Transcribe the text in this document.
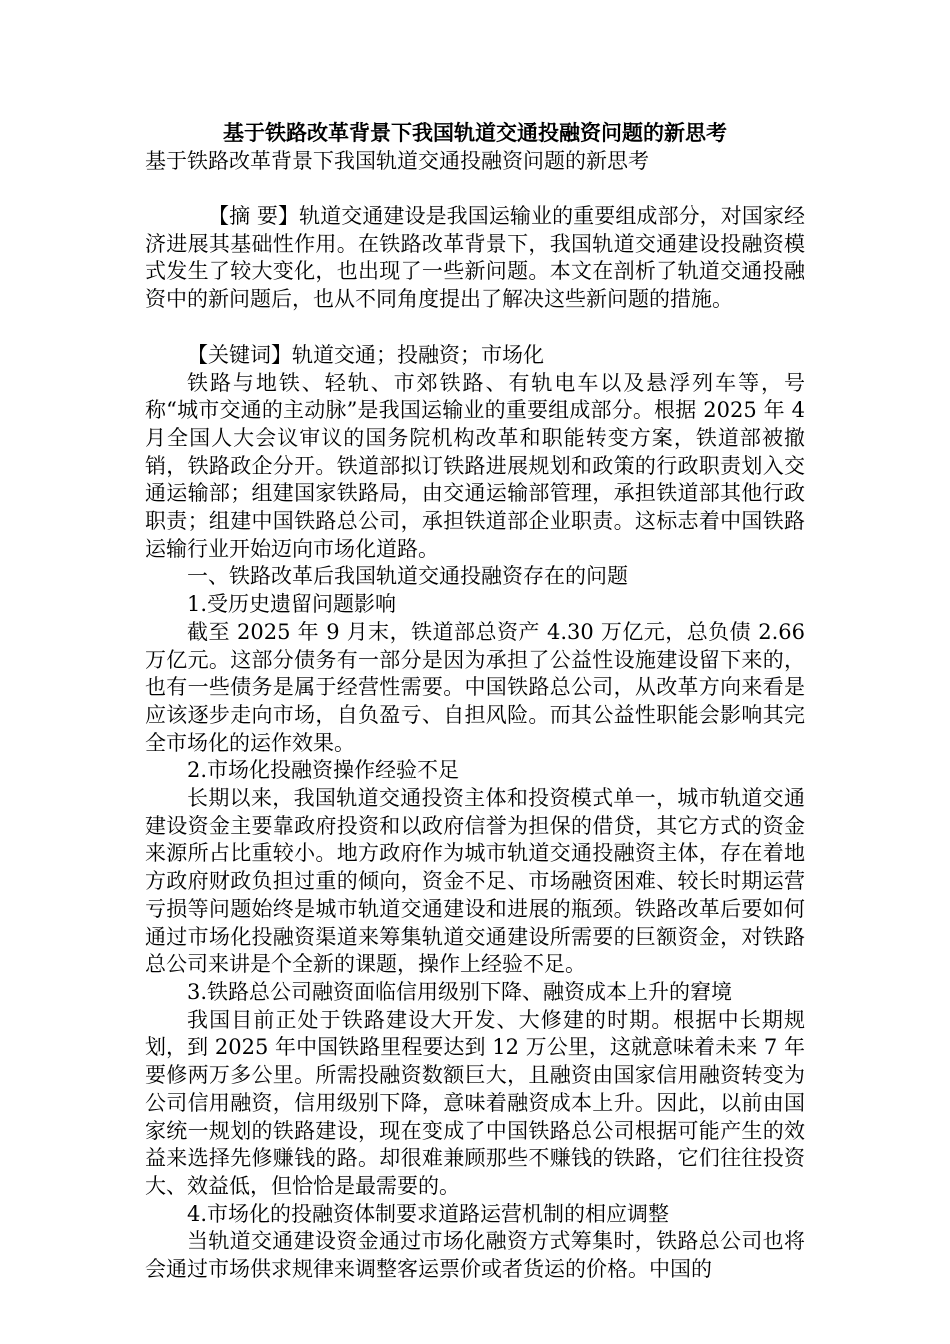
基于铁路改革背景下我国轨道交通投融资问题的新思考

基于铁路改革背景下我国轨道交通投融资问题的新思考

【摘 要】轨道交通建设是我国运输业的重要组成部分，对国家经济进展其基础性作用。在铁路改革背景下，我国轨道交通建设投融资模式发生了较大变化，也出现了一些新问题。本文在剖析了轨道交通投融资中的新问题后，也从不同角度提出了解决这些新问题的措施。

【关键词】轨道交通；投融资；市场化

铁路与地铁、轻轨、市郊铁路、有轨电车以及悬浮列车等，号称“城市交通的主动脉”是我国运输业的重要组成部分。根据 2025 年 4 月全国人大会议审议的国务院机构改革和职能转变方案，铁道部被撤销，铁路政企分开。铁道部拟订铁路进展规划和政策的行政职责划入交通运输部；组建国家铁路局，由交通运输部管理，承担铁道部其他行政职责；组建中国铁路总公司，承担铁道部企业职责。这标志着中国铁路运输行业开始迈向市场化道路。

一、铁路改革后我国轨道交通投融资存在的问题

1.受历史遗留问题影响

截至 2025 年 9 月末，铁道部总资产 4.30 万亿元，总负债 2.66 万亿元。这部分债务有一部分是因为承担了公益性设施建设留下来的，也有一些债务是属于经营性需要。中国铁路总公司，从改革方向来看是应该逐步走向市场，自负盈亏、自担风险。而其公益性职能会影响其完全市场化的运作效果。

2.市场化投融资操作经验不足

长期以来，我国轨道交通投资主体和投资模式单一，城市轨道交通建设资金主要靠政府投资和以政府信誉为担保的借贷，其它方式的资金来源所占比重较小。地方政府作为城市轨道交通投融资主体，存在着地方政府财政负担过重的倾向，资金不足、市场融资困难、较长时期运营亏损等问题始终是城市轨道交通建设和进展的瓶颈。铁路改革后要如何通过市场化投融资渠道来筹集轨道交通建设所需要的巨额资金，对铁路总公司来讲是个全新的课题，操作上经验不足。

3.铁路总公司融资面临信用级别下降、融资成本上升的窘境

我国目前正处于铁路建设大开发、大修建的时期。根据中长期规划，到 2025 年中国铁路里程要达到 12 万公里，这就意味着未来 7 年要修两万多公里。所需投融资数额巨大，且融资由国家信用融资转变为公司信用融资，信用级别下降，意味着融资成本上升。因此，以前由国家统一规划的铁路建设，现在变成了中国铁路总公司根据可能产生的效益来选择先修赚钱的路。却很难兼顾那些不赚钱的铁路，它们往往投资大、效益低，但恰恰是最需要的。

4.市场化的投融资体制要求道路运营机制的相应调整

当轨道交通建设资金通过市场化融资方式筹集时，铁路总公司也将会通过市场供求规律来调整客运票价或者货运的价格。中国的
